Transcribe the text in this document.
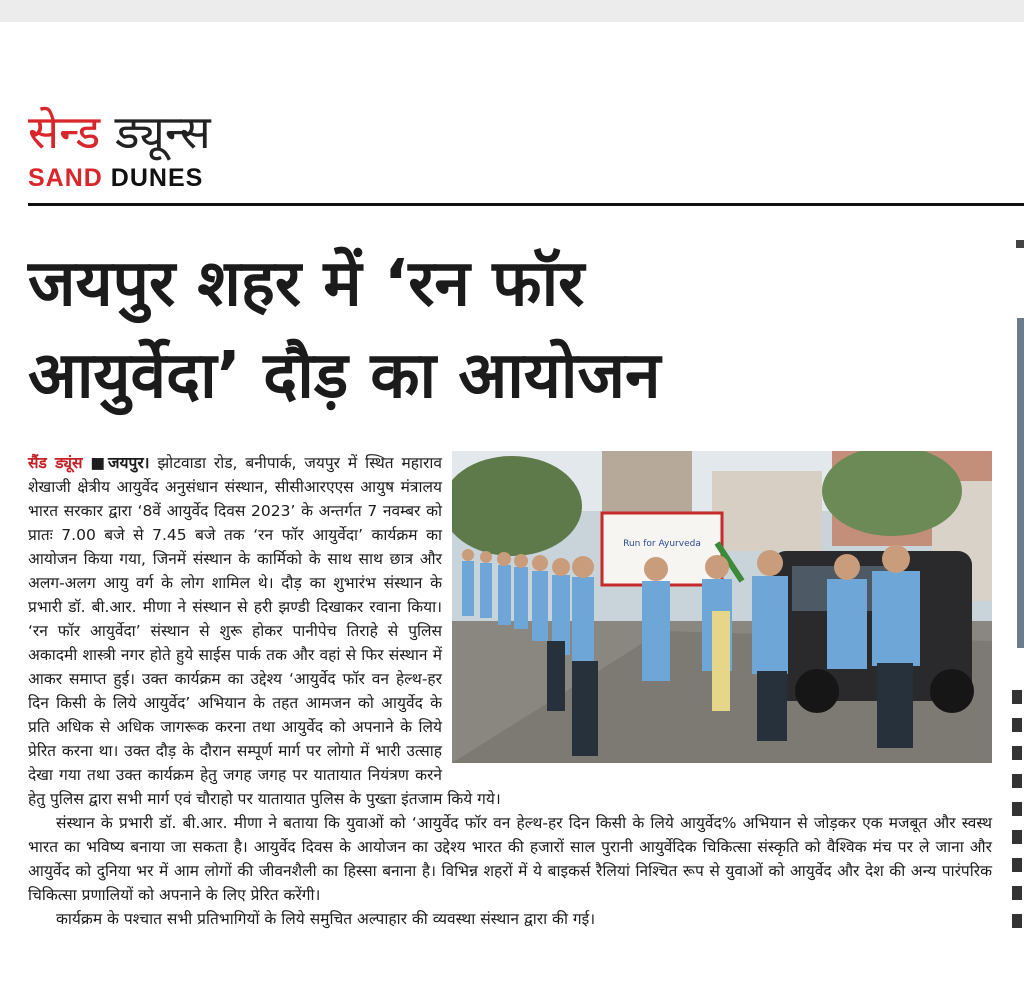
सेन्ड ड्यून्स
SAND DUNES
जयपुर शहर में ‘रन फॉर
आयुर्वेदा’ दौड़ का आयोजन
Run for Ayurveda

सैंड ड्यूंस ■जयपुर। झोटवाडा रोड, बनीपार्क, जयपुर में स्थित महाराव शेखाजी क्षेत्रीय आयुर्वेद अनुसंधान संस्थान, सीसीआरएएस आयुष मंत्रालय भारत सरकार द्वारा ‘8वें आयुर्वेद दिवस 2023’ के अन्तर्गत 7 नवम्बर को प्रातः 7.00 बजे से 7.45 बजे तक ‘रन फॉर आयुर्वेदा’ कार्यक्रम का आयोजन किया गया, जिनमें संस्थान के कार्मिको के साथ साथ छात्र और अलग-अलग आयु वर्ग के लोग शामिल थे। दौड़ का शुभारंभ संस्थान के प्रभारी डॉ. बी.आर. मीणा ने संस्थान से हरी झण्डी दिखाकर रवाना किया। ‘रन फॉर आयुर्वेदा’ संस्थान से शुरू होकर पानीपेच तिराहे से पुलिस अकादमी शास्त्री नगर होते हुये साईस पार्क तक और वहां से फिर संस्थान में आकर समाप्त हुई। उक्त कार्यक्रम का उद्देश्य ‘आयुर्वेद फॉर वन हेल्थ-हर दिन किसी के लिये आयुर्वेद’ अभियान के तहत आमजन को आयुर्वेद के प्रति अधिक से अधिक जागरूक करना तथा आयुर्वेद को अपनाने के लिये प्रेरित करना था। उक्त दौड़ के दौरान सम्पूर्ण मार्ग पर लोगो में भारी उत्साह देखा गया तथा उक्त कार्यक्रम हेतु जगह जगह पर यातायात नियंत्रण करने हेतु पुलिस द्वारा सभी मार्ग एवं चौराहो पर यातायात पुलिस के पुख्ता इंतजाम किये गये।

संस्थान के प्रभारी डॉ. बी.आर. मीणा ने बताया कि युवाओं को ‘आयुर्वेद फॉर वन हेल्थ-हर दिन किसी के लिये आयुर्वेद% अभियान से जोड़कर एक मजबूत और स्वस्थ भारत का भविष्य बनाया जा सकता है। आयुर्वेद दिवस के आयोजन का उद्देश्य भारत की हजारों साल पुरानी आयुर्वेदिक चिकित्सा संस्कृति को वैश्विक मंच पर ले जाना और आयुर्वेद को दुनिया भर में आम लोगों की जीवनशैली का हिस्सा बनाना है। विभिन्न शहरों में ये बाइकर्स रैलियां निश्चित रूप से युवाओं को आयुर्वेद और देश की अन्य पारंपरिक चिकित्सा प्रणालियों को अपनाने के लिए प्रेरित करेंगी।

कार्यक्रम के पश्चात सभी प्रतिभागियों के लिये समुचित अल्पाहार की व्यवस्था संस्थान द्वारा की गई।
